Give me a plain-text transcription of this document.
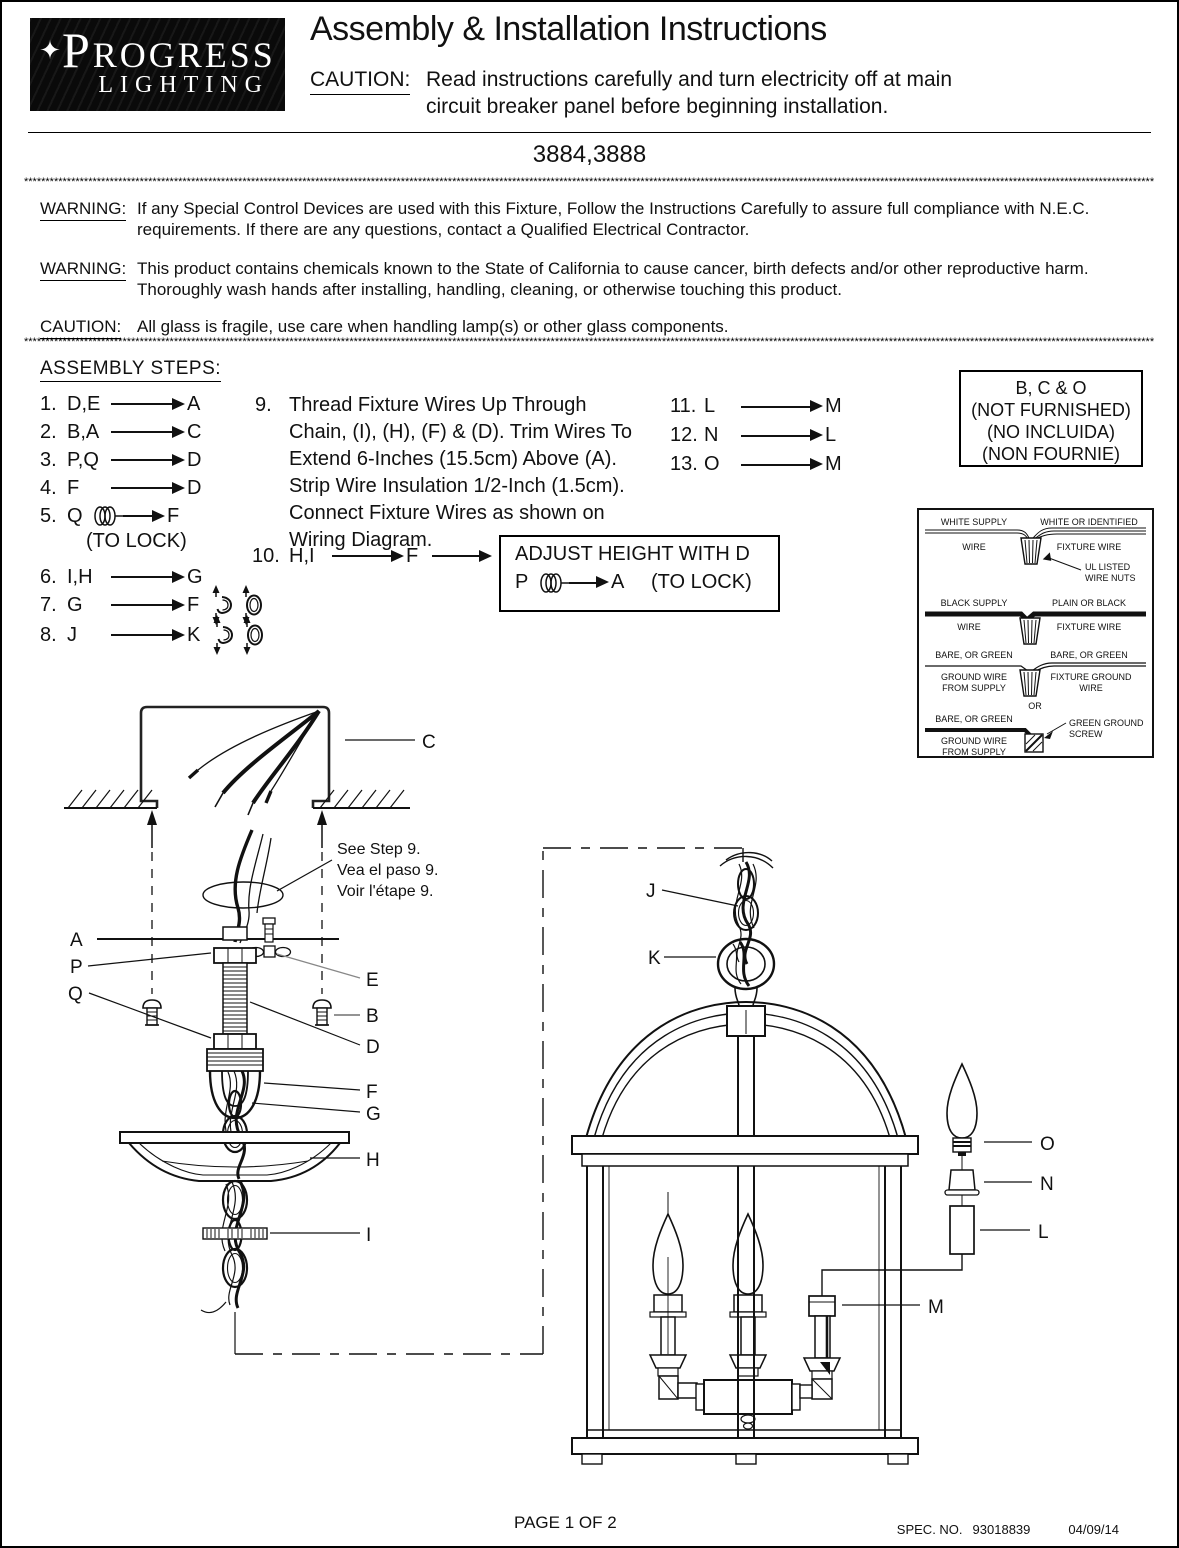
✦
P ROGRESS
LIGHTING
Assembly & Installation Instructions
CAUTION: Read instructions carefully and turn electricity off at main
circuit breaker panel before beginning installation.
3884,3888
************************************************************************************************************************************************************************************************************************************************************************
WARNING: If any Special Control Devices are used with this Fixture, Follow the Instructions Carefully to assure full compliance with N.E.C.
requirements. If there are any questions, contact a Qualified Electrical Contractor.
WARNING: This product contains chemicals known to the State of California to cause cancer, birth defects and/or other reproductive harm.
Thoroughly wash hands after installing, handling, cleaning, or otherwise touching this product.
CAUTION: All glass is fragile, use care when handling lamp(s) or other glass components.
************************************************************************************************************************************************************************************************************************************************************************
ASSEMBLY STEPS:
1. D,E	A
2. B,A	C
3. P,Q	D
4. F	D
5. Q	F
(TO LOCK)
6. I,H	G
7. G	F
8. J	K
9. Thread Fixture Wires Up Through
Chain, (I), (H), (F) & (D). Trim Wires To
Extend 6-Inches (15.5cm) Above (A).
Strip Wire Insulation 1/2-Inch (1.5cm).
Connect Fixture Wires as shown on
Wiring Diagram.
10. H,I	F	ADJUST HEIGHT WITH D
P	A	(TO LOCK)
11. L	M
12. N	L
13. O	M
B, C & O
(NOT FURNISHED)
(NO INCLUIDA)
(NON FOURNIE)
WHITE SUPPLY	WHITE OR IDENTIFIED
WIRE	FIXTURE WIRE
UL LISTED
WIRE NUTS
BLACK SUPPLY	PLAIN OR BLACK
WIRE	FIXTURE WIRE
BARE, OR GREEN	BARE, OR GREEN
GROUND WIRE
FROM SUPPLY
FIXTURE GROUND
WIRE
OR
BARE, OR GREEN
GROUND WIRE
FROM SUPPLY
GREEN GROUND
SCREW
See Step 9.
Vea el paso 9.
Voir l'étape 9.
B
A
P
Q
E
D
F
G
H
I
J
K
M
O
N
L
C
PAGE 1 OF 2	SPEC. NO. 93018839	04/09/14
